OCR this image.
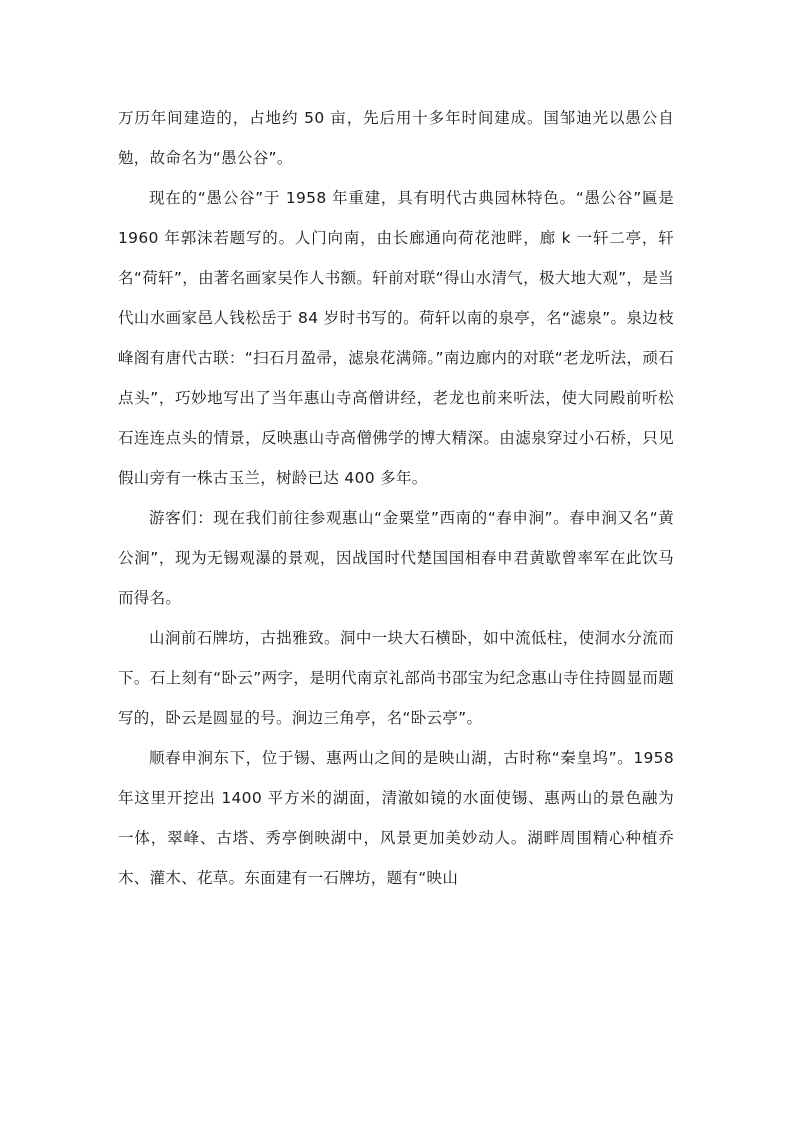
万历年间建造的，占地约 50 亩，先后用十多年时间建成。国邹迪光以愚公自勉，故命名为“愚公谷”。

现在的“愚公谷”于 1958 年重建，具有明代古典园林特色。“愚公谷”匾是 1960 年郭沫若题写的。人门向南，由长廊通向荷花池畔，廊 k 一轩二亭，轩名“荷轩”，由著名画家吴作人书额。轩前对联“得山水清气，极大地大观”，是当代山水画家邑人钱松岳于 84 岁时书写的。荷轩以南的泉亭，名“滤泉”。泉边枝峰阁有唐代古联：“扫石月盈帚，滤泉花满筛。”南边廊内的对联“老龙听法，顽石点头”，巧妙地写出了当年惠山寺高僧讲经，老龙也前来听法，使大同殿前听松石连连点头的情景，反映惠山寺高僧佛学的博大精深。由滤泉穿过小石桥，只见假山旁有一株古玉兰，树龄已达 400 多年。

游客们：现在我们前往参观惠山“金粟堂”西南的“春申涧”。春申涧又名“黄公涧”，现为无锡观瀑的景观，因战国时代楚国国相春申君黄歇曾率军在此饮马而得名。

山涧前石牌坊，古拙雅致。洞中一块大石横卧，如中流低柱，使洞水分流而下。石上刻有“卧云”两字，是明代南京礼部尚书邵宝为纪念惠山寺住持圆显而题写的，卧云是圆显的号。涧边三角亭，名“卧云亭”。

顺春申涧东下，位于锡、惠两山之间的是映山湖，古时称“秦皇坞”。1958 年这里开挖出 1400 平方米的湖面，清澈如镜的水面使锡、惠两山的景色融为一体，翠峰、古塔、秀亭倒映湖中，风景更加美妙动人。湖畔周围精心种植乔木、灌木、花草。东面建有一石牌坊，题有“映山
